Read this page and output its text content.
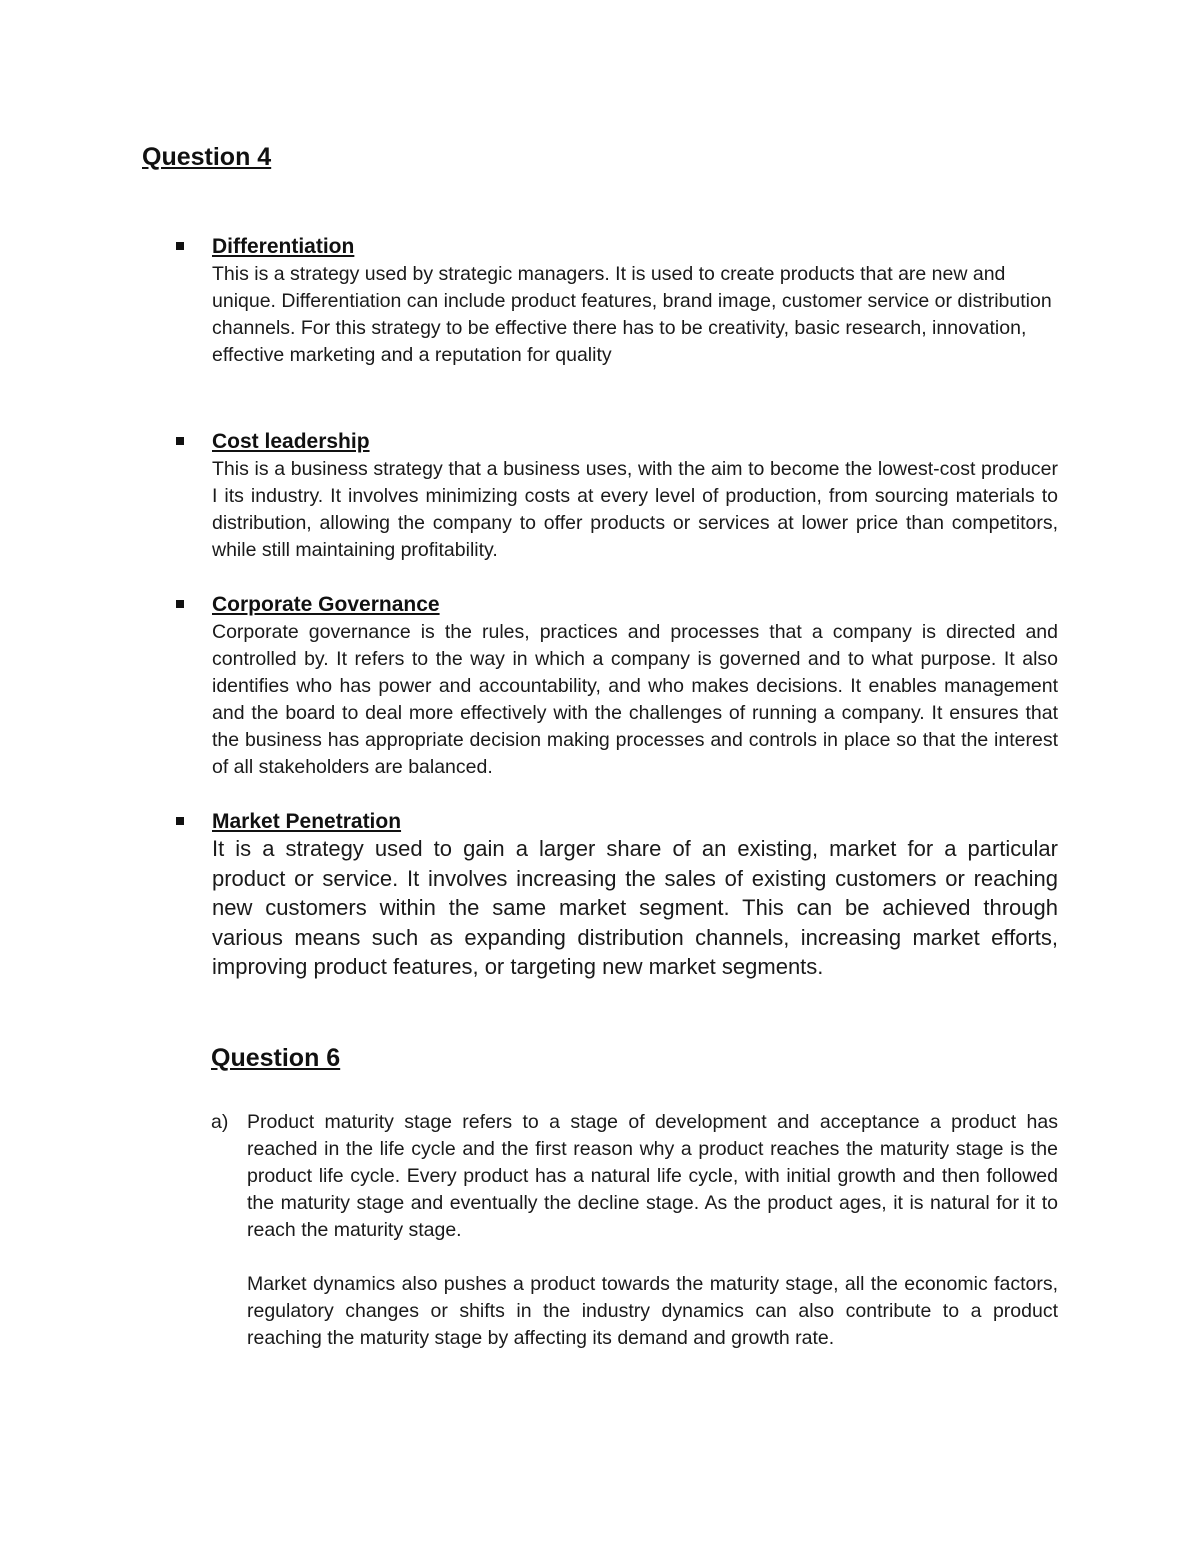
Question 4

Differentiation

This is a strategy used by strategic managers. It is used to create products that are new and unique. Differentiation can include product features, brand image, customer service or distribution channels. For this strategy to be effective there has to be creativity, basic research, innovation, effective marketing and a reputation for quality

Cost leadership

This is a business strategy that a business uses, with the aim to become the lowest-cost producer I its industry. It involves minimizing costs at every level of production, from sourcing materials to distribution, allowing the company to offer products or services at lower price than competitors, while still maintaining profitability.

Corporate Governance

Corporate governance is the rules, practices and processes that a company is directed and controlled by. It refers to the way in which a company is governed and to what purpose. It also identifies who has power and accountability, and who makes decisions. It enables management and the board to deal more effectively with the challenges of running a company. It ensures that the business has appropriate decision making processes and controls in place so that the interest of all stakeholders are balanced.

Market Penetration

It is a strategy used to gain a larger share of an existing, market for a particular product or service. It involves increasing the sales of existing customers or reaching new customers within the same market segment. This can be achieved through various means such as expanding distribution channels, increasing market efforts, improving product features, or targeting new market segments.

Question 6

a) Product maturity stage refers to a stage of development and acceptance a product has reached in the life cycle and the first reason why a product reaches the maturity stage is the product life cycle. Every product has a natural life cycle, with initial growth and then followed the maturity stage and eventually the decline stage. As the product ages, it is natural for it to reach the maturity stage.

Market dynamics also pushes a product towards the maturity stage, all the economic factors, regulatory changes or shifts in the industry dynamics can also contribute to a product reaching the maturity stage by affecting its demand and growth rate.
